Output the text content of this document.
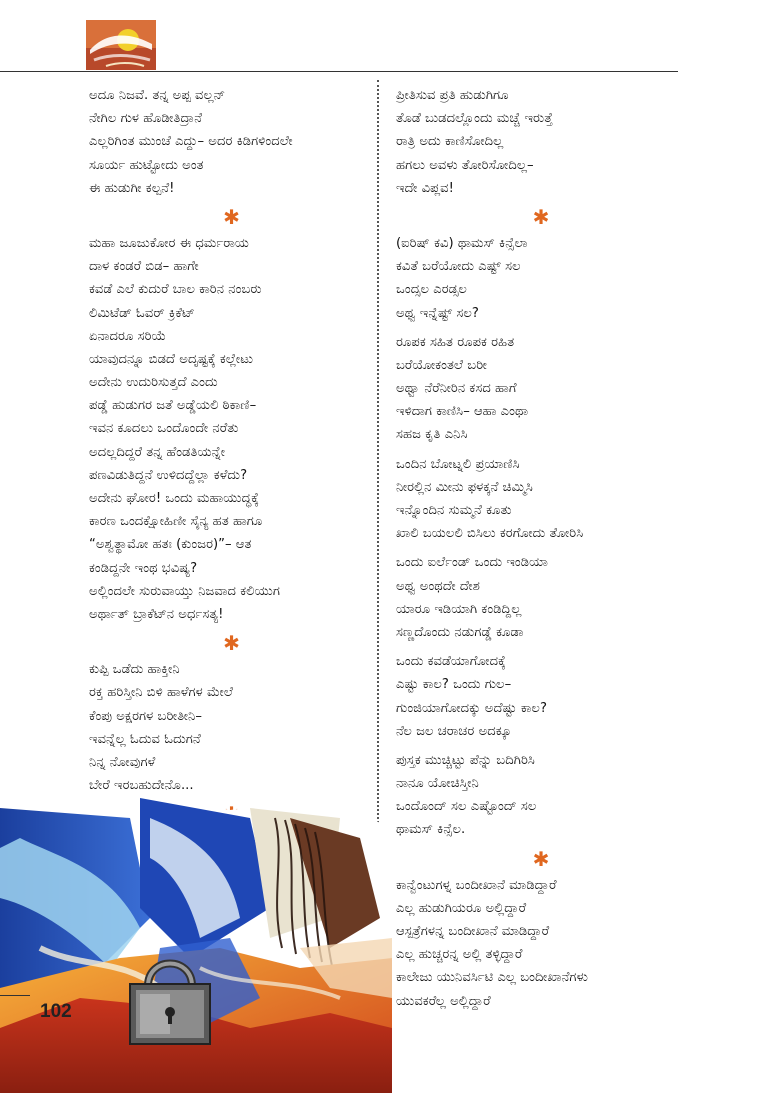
ಅದೂ ನಿಜವೆ. ತನ್ನ ಅಪ್ಪ ವಲ್ಲನ್
ನೇಗಿಲ ಗುಳ ಹೊಡೀತಿದ್ರಾನೆ
ಎಲ್ಲರಿಗಿಂತ ಮುಂಚೆ ಎದ್ದು– ಅದರ ಕಿಡಿಗಳಿಂದಲೇ
ಸೂರ್ಯ ಹುಟ್ಟೋದು ಅಂತ
ಈ ಹುಡುಗೀ ಕಲ್ಪನೆ!
✱
ಮಹಾ ಜೂಜುಕೋರ ಈ ಧರ್ಮರಾಯ
ದಾಳ ಕಂಡರೆ ಬಿಡ– ಹಾಗೇ
ಕವಡೆ ಎಲೆ ಕುದುರೆ ಬಾಲ ಕಾರಿನ ನಂಬರು
ಲಿಮಿಟೆಡ್ ಓವರ್ ಕ್ರಿಕೆಟ್
ಏನಾದರೂ ಸರಿಯೆ
ಯಾವುದನ್ನೂ ಬಿಡದೆ ಅದೃಷ್ಟಕ್ಕೆ ಕಲ್ಲೇಟು
ಅದೇನು ಉದುರಿಸುತ್ತದೆ ಎಂದು
ಪಡ್ಡೆ ಹುಡುಗರ ಜತೆ ಅಡ್ಡೆಯಲಿ ಠಿಕಾಣಿ–
ಇವನ ಕೂದಲು ಒಂದೊಂದೇ ನರೆತು
ಅದಲ್ಲದಿದ್ದರೆ ತನ್ನ ಹೆಂಡತಿಯನ್ನೇ
ಪಣವಿಡುತಿದ್ದನೆ ಉಳಿದದ್ದೆಲ್ಲಾ ಕಳೆದು?
ಅದೇನು ಘೋರ! ಒಂದು ಮಹಾಯುದ್ಧಕ್ಕೆ
ಕಾರಣ ಒಂದಕ್ಷೋಹಿಣೀ ಸೈನ್ಯ ಹತ ಹಾಗೂ
“ಅಶ್ವತ್ಥಾಮೋ ಹತಃ (ಕುಂಜರ)”– ಆತ
ಕಂಡಿದ್ದನೇ ಇಂಥ ಭವಿಷ್ಯ?
ಅಲ್ಲಿಂದಲೇ ಸುರುವಾಯ್ತು ನಿಜವಾದ ಕಲಿಯುಗ
ಅರ್ಥಾತ್ ಬ್ರಾಕೆಟ್‌ನ ಅರ್ಧಸತ್ಯ!
✱
ಕುಪ್ಪಿ ಒಡೆದು ಹಾಕ್ತೀನಿ
ರಕ್ತ ಹರಿಸ್ತೀನಿ ಬಿಳಿ ಹಾಳೆಗಳ ಮೇಲೆ
ಕೆಂಪು ಅಕ್ಷರಗಳ ಬರೀತೀನಿ–
ಇವನ್ನೆಲ್ಲ ಓದುವ ಓದುಗನೆ
ನಿನ್ನ ನೋವುಗಳೆ
ಬೇರೆ ಇರಬಹುದೇನೊ...
ಪ್ರೀತಿಸುವ ಪ್ರತಿ ಹುಡುಗಿಗೂ
ತೊಡೆ ಬುಡದಲ್ಲೊಂದು ಮಚ್ಚೆ ಇರುತ್ತೆ
ರಾತ್ರಿ ಅದು ಕಾಣಿಸೋದಿಲ್ಲ
ಹಗಲು ಅವಳು ತೋರಿಸೋದಿಲ್ಲ–
ಇದೇ ವಿಪ್ಲವ!
✱
(ಐರಿಷ್ ಕವಿ) ಥಾಮಸ್ ಕಿನ್ಸೆಲಾ
ಕವಿತೆ ಬರೆಯೋದು ಎಷ್ಟ್ ಸಲ
ಒಂದ್ಸಲ ಎರಡ್ಸಲ
ಅಥ್ವ ಇನ್ನೆಷ್ಟ್ ಸಲ?
ರೂಪಕ ಸಹಿತ ರೂಪಕ ರಹಿತ
ಬರೆಯೋಕಂತಲೆ ಬರೀ
ಅಥ್ವಾ ನೆರೆನೀರಿನ ಕಸದ ಹಾಗೆ
ಇಳಿದಾಗ ಕಾಣಿಸಿ– ಆಹಾ ಎಂಥಾ
ಸಹಜ ಕೃತಿ ಎನಿಸಿ
ಒಂದಿನ ಬೋಟ್ನಲಿ ಪ್ರಯಾಣಿಸಿ
ನೀರಲ್ಲಿನ ಮೀನು ಫಳಕ್ಕನೆ ಚಿಮ್ಮಿಸಿ
ಇನ್ನೊಂದಿನ ಸುಮ್ಮನೆ ಕೂತು
ಖಾಲಿ ಬಯಲಲಿ ಬಿಸಿಲು ಕರಗೋದು ತೋರಿಸಿ
ಒಂದು ಐರ್ಲೆಂಡ್ ಒಂದು ಇಂಡಿಯಾ
ಅಥ್ವ ಅಂಥದೇ ದೇಶ
ಯಾರೂ ಇಡಿಯಾಗಿ ಕಂಡಿದ್ದಿಲ್ಲ
ಸಣ್ಣದೊಂದು ನಡುಗಡ್ಡೆ ಕೂಡಾ
ಒಂದು ಕವಡೆಯಾಗೋದಕ್ಕೆ
ಎಷ್ಟು ಕಾಲ? ಒಂದು ಗುಲ–
ಗುಂಜಿಯಾಗೋದಕ್ಕು ಅದೆಷ್ಟು ಕಾಲ?
ನೆಲ ಜಲ ಚರಾಚರ ಅದಕ್ಕೂ
ಪುಸ್ತಕ ಮುಚ್ಚಿಟ್ಟು ಪೆನ್ನು ಬದಿಗಿರಿಸಿ
ನಾನೂ ಯೋಚಿಸ್ತೀನಿ
ಒಂದೊಂದ್ ಸಲ ಎಷ್ಟೊಂದ್ ಸಲ
ಥಾಮಸ್ ಕಿನ್ಸೆಲ.
✱
ಕಾನ್ವೆಂಟುಗಳ್ನ ಬಂದೀಖಾನೆ ಮಾಡಿದ್ದಾರೆ
ಎಲ್ಲ ಹುಡುಗಿಯರೂ ಅಲ್ಲಿದ್ದಾರೆ
ಆಸ್ಪತ್ರೆಗಳನ್ನ ಬಂದೀಖಾನೆ ಮಾಡಿದ್ದಾರೆ
ಎಲ್ಲ ಹುಚ್ಚರನ್ನ ಅಲ್ಲಿ ತಳ್ಳಿದ್ದಾರೆ
ಕಾಲೇಜು ಯುನಿವರ್ಸಿಟಿ ಎಲ್ಲ ಬಂದೀಖಾನೆಗಳು
ಯುವಕರೆಲ್ಲ ಅಲ್ಲಿದ್ದಾರೆ
102
